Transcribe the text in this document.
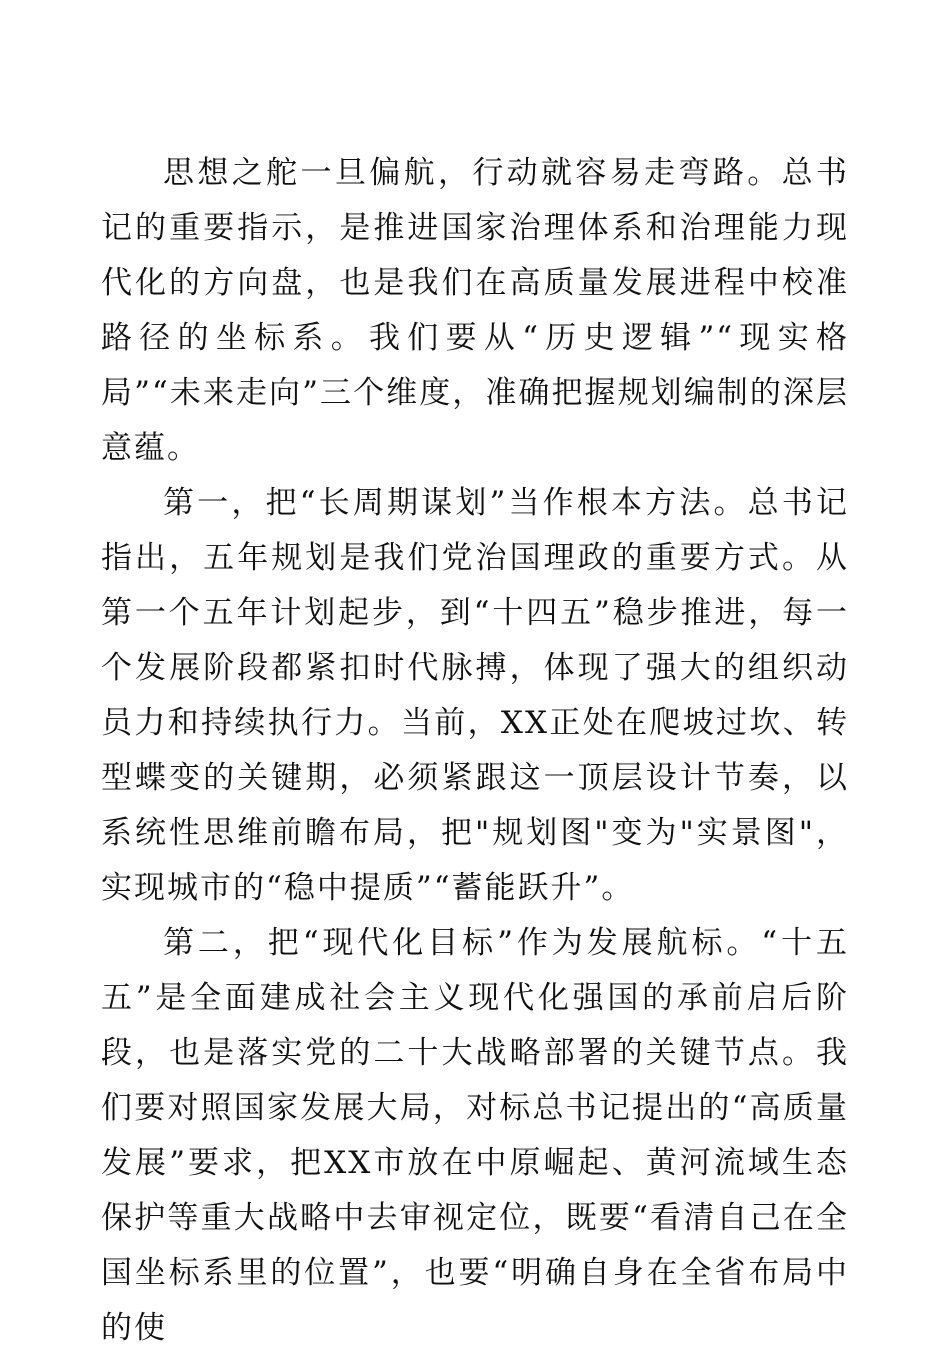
思想之舵一旦偏航，行动就容易走弯路。总书记的重要指示，是推进国家治理体系和治理能力现代化的方向盘，也是我们在高质量发展进程中校准路径的坐标系。我们要从“历史逻辑”“现实格局”“未来走向”三个维度，准确把握规划编制的深层意蕴。

第一，把“长周期谋划”当作根本方法。总书记指出，五年规划是我们党治国理政的重要方式。从第一个五年计划起步，到“十四五”稳步推进，每一个发展阶段都紧扣时代脉搏，体现了强大的组织动员力和持续执行力。当前，XX正处在爬坡过坎、转型蝶变的关键期，必须紧跟这一顶层设计节奏，以系统性思维前瞻布局，把"规划图"变为"实景图"，实现城市的“稳中提质”“蓄能跃升”。

第二，把“现代化目标”作为发展航标。“十五五”是全面建成社会主义现代化强国的承前启后阶段，也是落实党的二十大战略部署的关键节点。我们要对照国家发展大局，对标总书记提出的“高质量发展”要求，把XX市放在中原崛起、黄河流域生态保护等重大战略中去审视定位，既要“看清自己在全国坐标系里的位置”，也要“明确自身在全省布局中的使
